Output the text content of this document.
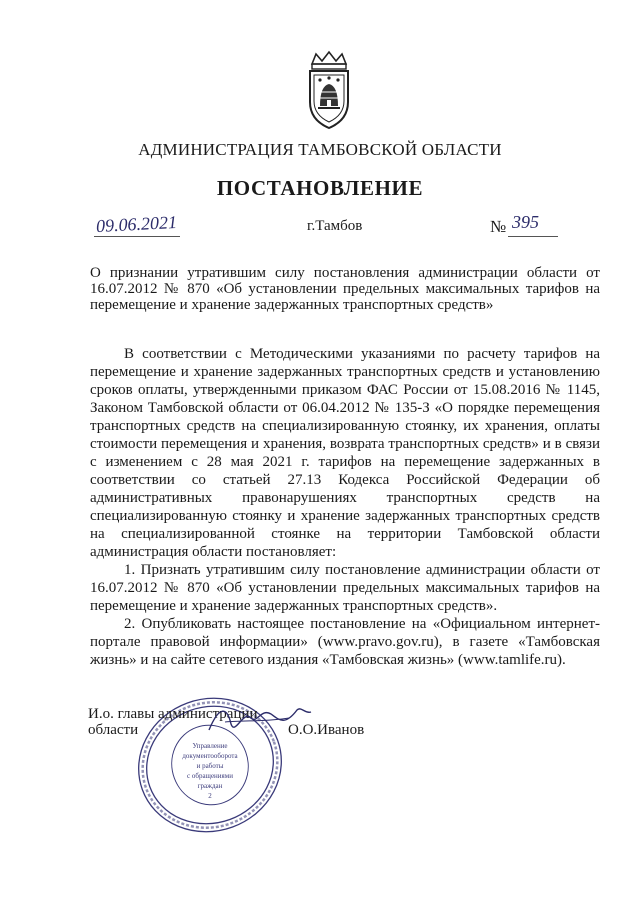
АДМИНИСТРАЦИЯ ТАМБОВСКОЙ ОБЛАСТИ
ПОСТАНОВЛЕНИЕ
09.06.2021	г.Тамбов	№ 395
О признании утратившим силу постановления администрации области от 16.07.2012 № 870 «Об установлении предельных максимальных тарифов на перемещение и хранение задержанных транспортных средств»

В соответствии с Методическими указаниями по расчету тарифов на перемещение и хранение задержанных транспортных средств и установлению сроков оплаты, утвержденными приказом ФАС России от 15.08.2016 № 1145, Законом Тамбовской области от 06.04.2012 № 135-З «О порядке перемещения транспортных средств на специализированную стоянку, их хранения, оплаты стоимости перемещения и хранения, возврата транспортных средств» и в связи с изменением с 28 мая 2021 г. тарифов на перемещение задержанных в соответствии со статьей 27.13 Кодекса Российской Федерации об административных правонарушениях транспортных средств на специализированную стоянку и хранение задержанных транспортных средств на специализированной стоянке на территории Тамбовской области администрация области постановляет:

1. Признать утратившим силу постановление администрации области от 16.07.2012 № 870 «Об установлении предельных максимальных тарифов на перемещение и хранение задержанных транспортных средств».

2. Опубликовать настоящее постановление на «Официальном интернет-портале правовой информации» (www.pravo.gov.ru), в газете «Тамбовская жизнь» и на сайте сетевого издания «Тамбовская жизнь» (www.tamlife.ru).

Управление
документооборота
и работы
с обращениями
граждан
2
И.о. главы администрации
области	О.О.Иванов
